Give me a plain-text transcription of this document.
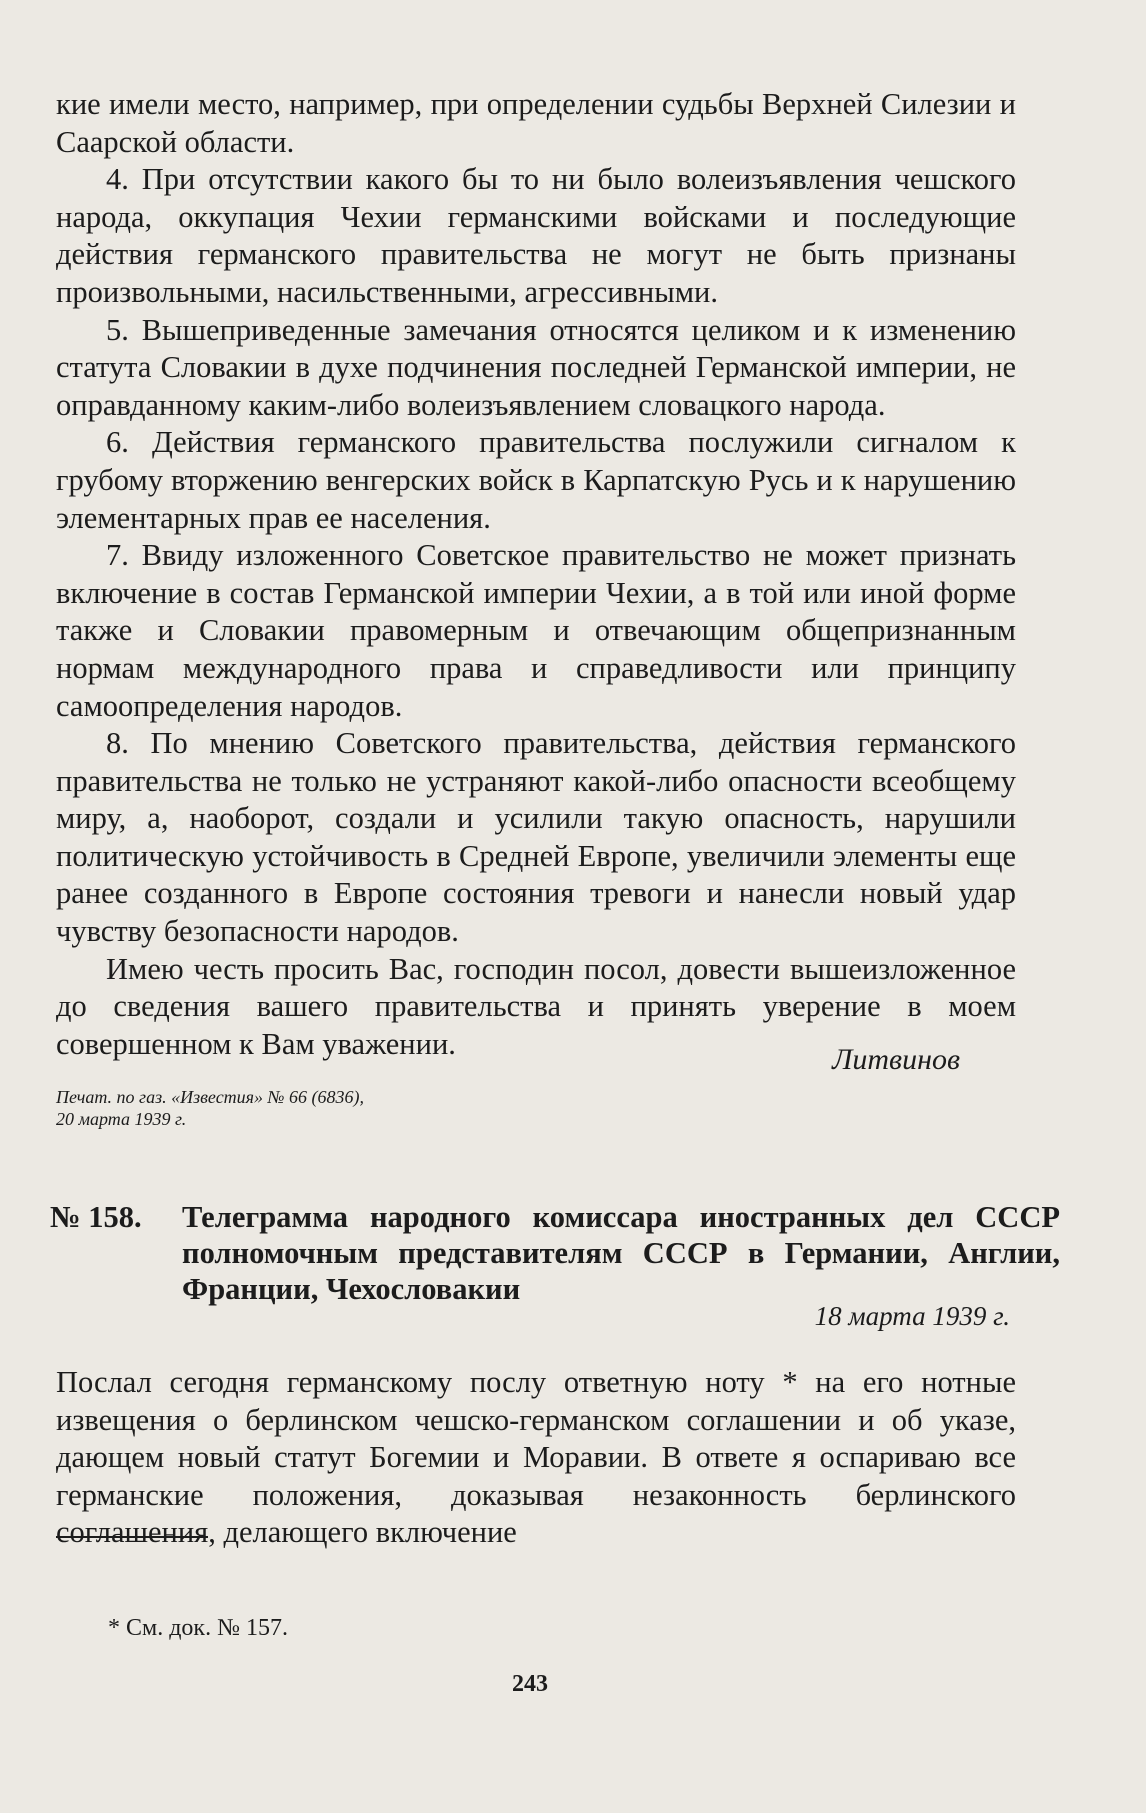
кие имели место, например, при определении судьбы Верхней Силезии и Саарской области.

4. При отсутствии какого бы то ни было волеизъявления чешского народа, оккупация Чехии германскими войсками и последующие действия германского правительства не могут не быть признаны произвольными, насильственными, агрессивными.

5. Вышеприведенные замечания относятся целиком и к изменению статута Словакии в духе подчинения последней Германской империи, не оправданному каким-либо волеизъявлением словацкого народа.

6. Действия германского правительства послужили сигналом к грубому вторжению венгерских войск в Карпатскую Русь и к нарушению элементарных прав ее населения.

7. Ввиду изложенного Советское правительство не может признать включение в состав Германской империи Чехии, а в той или иной форме также и Словакии правомерным и отвечающим общепризнанным нормам международного права и справедливости или принципу самоопределения народов.

8. По мнению Советского правительства, действия германского правительства не только не устраняют какой-либо опасности всеобщему миру, а, наоборот, создали и усилили такую опасность, нарушили политическую устойчивость в Средней Европе, увеличили элементы еще ранее созданного в Европе состояния тревоги и нанесли новый удар чувству безопасности народов.

Имею честь просить Вас, господин посол, довести вышеизложенное до сведения вашего правительства и принять уверение в моем совершенном к Вам уважении.	Литвинов
Печат. по газ. «Известия» № 66 (6836),
20 марта 1939 г.
№ 158.	Телеграмма народного комиссара иностранных дел СССР полномочным представителям СССР в Германии, Англии, Франции, Чехословакии
18 марта 1939 г.
Послал сегодня германскому послу ответную ноту * на его нотные извещения о берлинском чешско-германском соглашении и об указе, дающем новый статут Богемии и Моравии. В ответе я оспариваю все германские положения, доказывая незаконность берлинского соглашения, делающего включение
* См. док. № 157.
243
